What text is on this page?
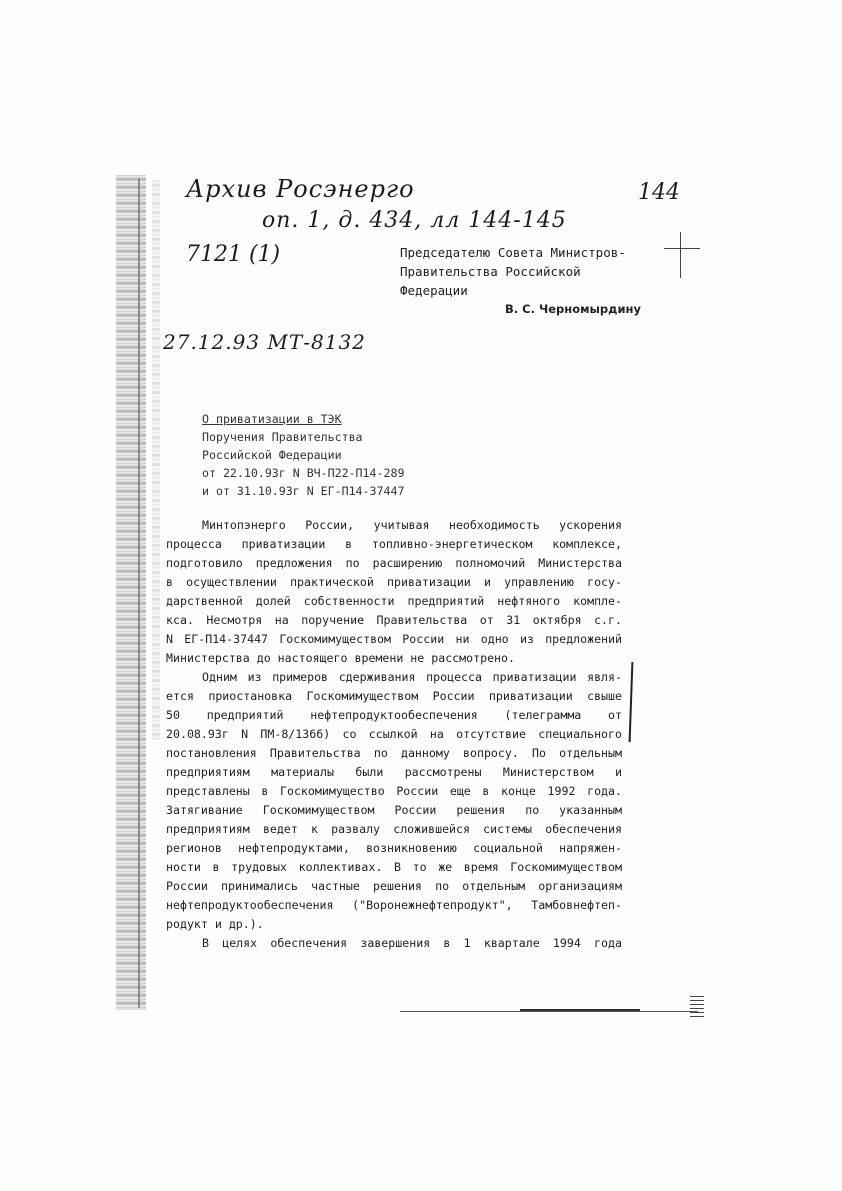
Архив Росэнерго
оп. 1, д. 434, лл 144-145
7121 (1)
27.12.93 МТ-8132
144
Председателю Совета Министров-
Правительства Российской
Федерации
В. С. Черномырдину
О приватизации в ТЭК
Поручения Правительства
Российской Федерации
от 22.10.93г N ВЧ-П22-П14-289
и от 31.10.93г N ЕГ-П14-37447
Минтопэнерго России, учитывая необходимость ускорения
процесса приватизации в топливно-энергетическом комплексе,
подготовило предложения по расширению полномочий Министерства
в осуществлении практической приватизации и управлению госу-
дарственной долей собственности предприятий нефтяного компле-
кса. Несмотря на поручение Правительства от 31 октября с.г.
N ЕГ-П14-37447 Госкомимуществом России ни одно из предложений
Министерства до настоящего времени не рассмотрено.
Одним из примеров сдерживания процесса приватизации явля-
ется приостановка Госкомимуществом России приватизации свыше
50 предприятий нефтепродуктообеспечения (телеграмма от
20.08.93г N ПМ-8/1366) со ссылкой на отсутствие специального
постановления Правительства по данному вопросу. По отдельным
предприятиям материалы были рассмотрены Министерством и
представлены в Госкомимущество России еще в конце 1992 года.
Затягивание Госкомимуществом России решения по указанным
предприятиям ведет к развалу сложившейся системы обеспечения
регионов нефтепродуктами, возникновению социальной напряжен-
ности в трудовых коллективах. В то же время Госкомимуществом
России принимались частные решения по отдельным организациям
нефтепродуктообеспечения ("Воронежнефтепродукт", Тамбовнефтеп-
родукт и др.).
В целях обеспечения завершения в 1 квартале 1994 года
